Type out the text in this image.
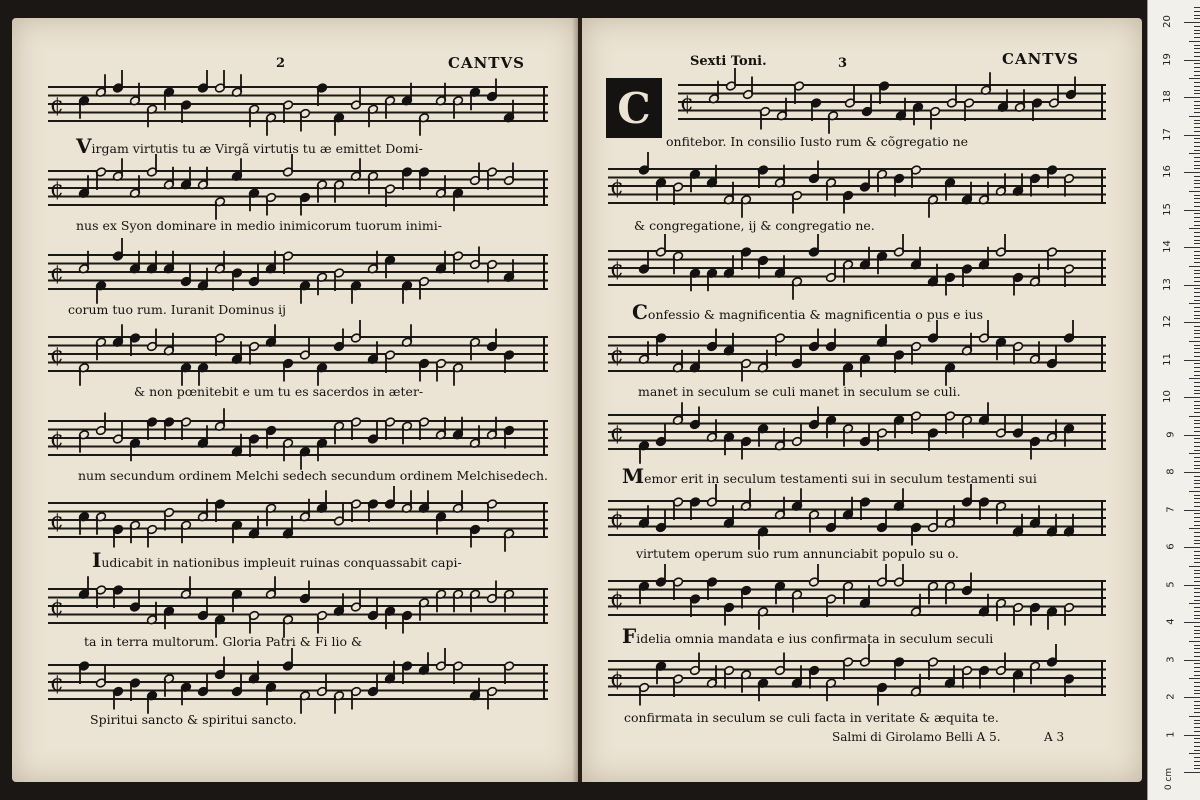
2	CANTVS
¢
Virgam virtutis tu æ Virgã virtutis tu æ emittet Domi-
¢
nus ex Syon dominare in medio inimicorum tuorum inimi-
¢
corum tuo rum. Iuranit Dominus ij
¢
& non pœnitebit e um tu es sacerdos in æter-
¢
num secundum ordinem Melchi sedech secundum ordinem Melchisedech.
¢
Iudicabit in nationibus impleuit ruinas conquassabit capi-
¢
ta in terra multorum. Gloria Patri & Fi lio &
¢
Spiritui sancto & spiritui sancto.
Sexti Toni.	3	CANTVS
C	¢
onfitebor. In consilio Iusto rum & cõgregatio ne
¢
& congregatione, ij & congregatio ne.
¢
Confessio & magnificentia & magnificentia o pus e ius
¢
manet in seculum se culi manet in seculum se culi.
¢
Memor erit in seculum testamenti sui in seculum testamenti sui
¢
virtutem operum suo rum annunciabit populo su o.
¢
Fidelia omnia mandata e ius confirmata in seculum seculi
¢
confirmata in seculum se culi facta in veritate & æquita te.
Salmi di Girolamo Belli A 5.	A 3
0 cm
1
2
3
4
5
6
7
8
9
10
11
12
13
14
15
16
17
18
19
20
